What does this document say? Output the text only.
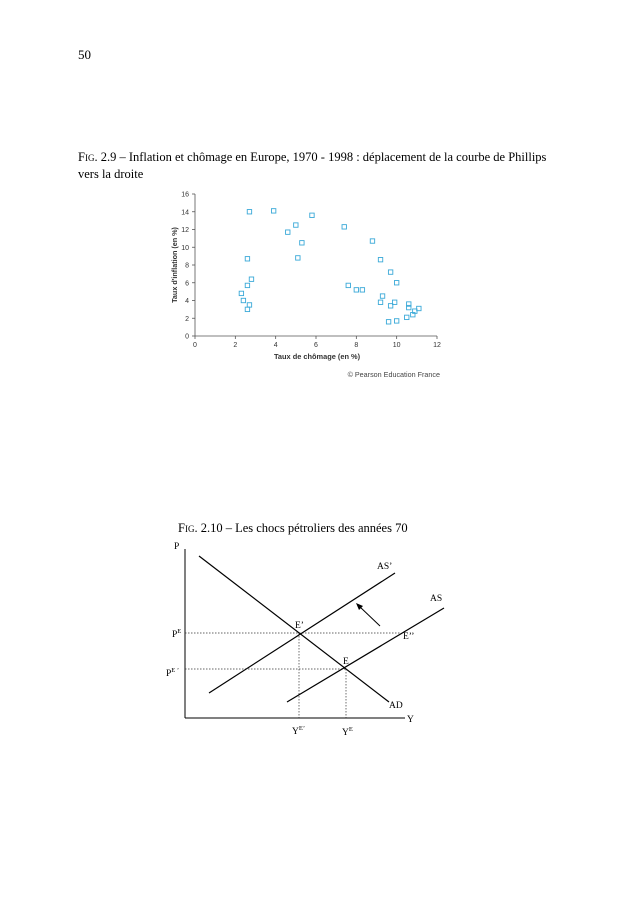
50
Fig. 2.9 – Inflation et chômage en Europe, 1970 - 1998 : déplacement de la courbe de Phillips vers la droite
0	2	4	6	8	10	12
0
2
4
6
8
10
12
14
16
Taux d'inflation (en %)
Taux de chômage (en %)
© Pearson Education France
Fig. 2.10 – Les chocs pétroliers des années 70
P
Y
AS’
AS
AD
E’
E
E’’
$P^E$
$P^{E ’}$
$Y^{E’}$	$Y^E$
